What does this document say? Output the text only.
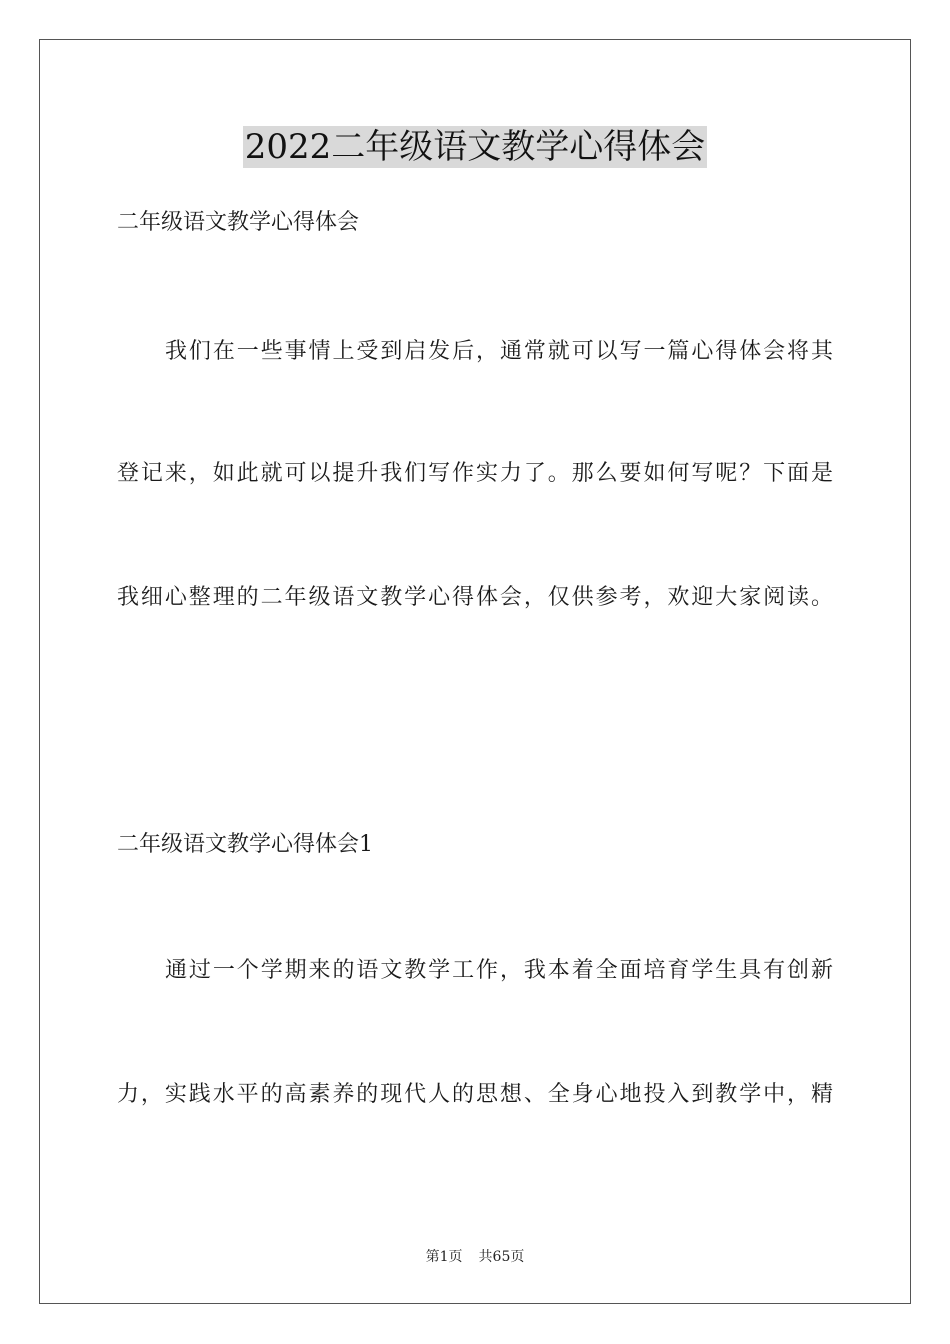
2022二年级语文教学心得体会
二年级语文教学心得体会
我们在一些事情上受到启发后，通常就可以写一篇心得体会将其
登记来，如此就可以提升我们写作实力了。那么要如何写呢？下面是
我细心整理的二年级语文教学心得体会，仅供参考，欢迎大家阅读。
二年级语文教学心得体会1
通过一个学期来的语文教学工作，我本着全面培育学生具有创新
力，实践水平的高素养的现代人的思想、全身心地投入到教学中，精
第1页 共65页
